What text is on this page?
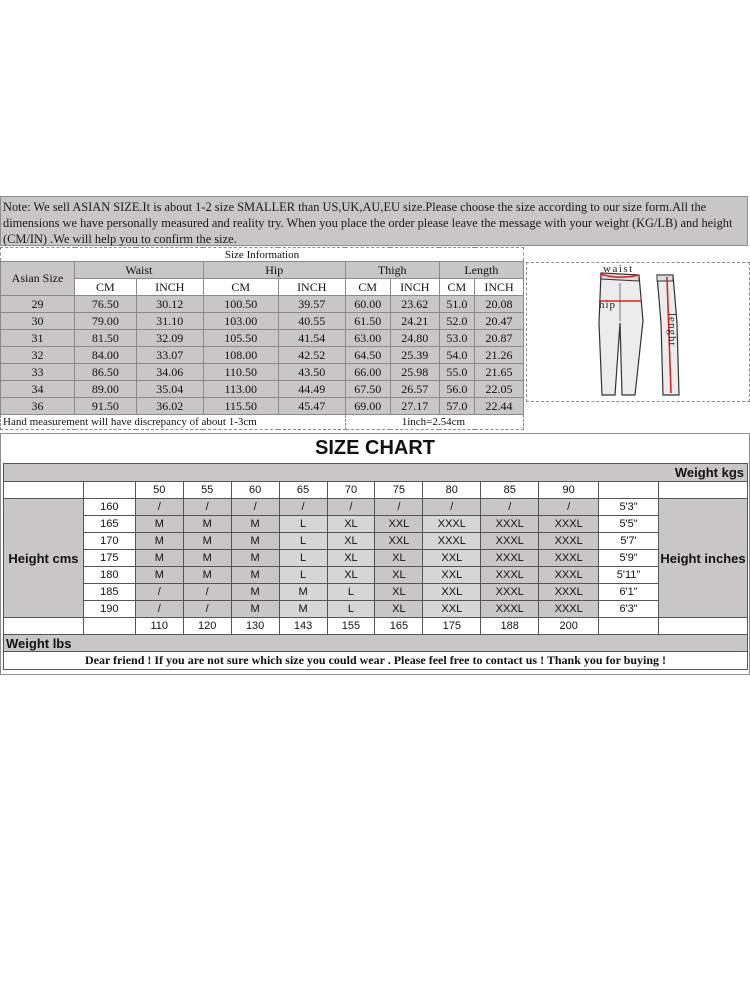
Note: We sell ASIAN SIZE.It is about 1-2 size SMALLER than US,UK,AU,EU size.Please choose the size according to our size form.All the dimensions we have personally measured and reality try. When you place the order please leave the message with your weight (KG/LB) and height (CM/IN) .We will help you to confirm the size.
Size Information								
Asian Size	Waist		Hip		Thigh		Length	
	CM	INCH	CM	INCH	CM	INCH	CM	INCH
29	76.50	30.12	100.50	39.57	60.00	23.62	51.0	20.08
30	79.00	31.10	103.00	40.55	61.50	24.21	52.0	20.47
31	81.50	32.09	105.50	41.54	63.00	24.80	53.0	20.87
32	84.00	33.07	108.00	42.52	64.50	25.39	54.0	21.26
33	86.50	34.06	110.50	43.50	66.00	25.98	55.0	21.65
34	89.00	35.04	113.00	44.49	67.50	26.57	56.0	22.05
36	91.50	36.02	115.50	45.47	69.00	27.17	57.0	22.44
Hand measurement will have discrepancy of about 1-3cm					1inch=2.54cm			
waist
hip
lenght
SIZE CHART
Weight kgs												
		50	55	60	65	70	75	80	85	90		
Height cms	160	/	/	/	/	/	/	/	/	/	5'3"	Height inches
	165	M	M	M	L	XL	XXL	XXXL	XXXL	XXXL	5'5"	
	170	M	M	M	L	XL	XXL	XXXL	XXXL	XXXL	5'7'	
	175	M	M	M	L	XL	XL	XXL	XXXL	XXXL	5'9"	
	180	M	M	M	L	XL	XL	XXL	XXXL	XXXL	5'11"	
	185	/	/	M	M	L	XL	XXL	XXXL	XXXL	6'1"	
	190	/	/	M	M	L	XL	XXL	XXXL	XXXL	6'3"	
		110	120	130	143	155	165	175	188	200		
Weight lbs												
Dear friend ! If you are not sure which size you could wear . Please feel free to contact us ! Thank you for buying !												
